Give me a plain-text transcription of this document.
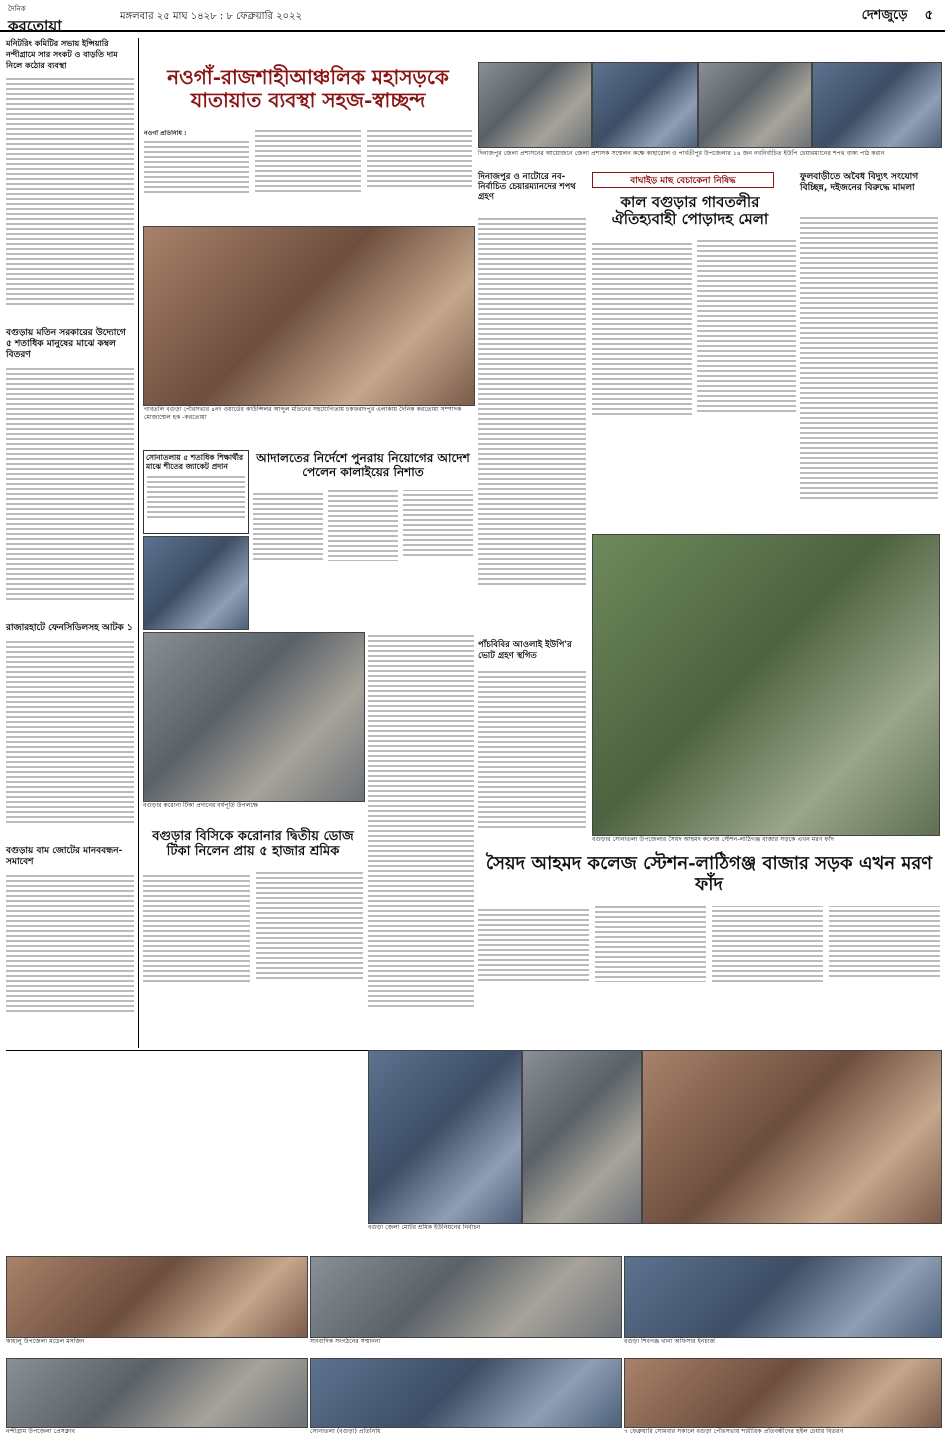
দৈনিক
করতোয়া
মঙ্গলবার ২৫ মাঘ ১৪২৮ : ৮ ফেব্রুয়ারি ২০২২	দেশজুড়ে ৫
মনিটরিং কমিটির সভায় ইন্সিয়ারি নন্দীগ্রামে সার সংকট ও বাড়তি দাম নিলে কঠোর ব্যবস্থা
বগুড়ায় মতিন সরকারের উদ্যোগে ৫ শতাধিক মানুষের মাঝে কম্বল বিতরণ
রাজারহাটে ফেনসিডিলসহ আটক ১
বগুড়ায় বাম জোটের মানববন্ধন-সমাবেশ
নওগাঁ-রাজশাহীআঞ্চলিক মহাসড়কে যাতায়াত ব্যবস্থা সহজ-স্বাচ্ছন্দ
নওগাঁ প্রতিনিধি :
গাবতলি বগুড়া পৌরসভার ৪নং ওয়ার্ডের কাউন্সিলর আব্দুল মতিনের সহযোগিতায় চকফরাদপুর এলাকায় দৈনিক করতোয়া সম্পাদক মোজাম্মেল হক -করতোয়া
সোনাতলায় ৫ শতাধিক শিক্ষার্থীর মাঝে শীতের জ্যাকেট প্রদান
আদালতের নির্দেশে পুনরায় নিয়োগের আদেশ পেলেন কালাইয়ের নিশাত
বগুড়ার করোনা টিকা প্রদানের বর্ষপূর্তি উপলক্ষে
বগুড়ার বিসিকে করোনার দ্বিতীয় ডোজ টিকা নিলেন প্রায় ৫ হাজার শ্রমিক
দিনাজপুর জেলা প্রশাসনের আয়োজনে জেলা প্রশাসক সম্মেলন কক্ষে কাহারোল ও পার্বতীপুর উপজেলার ১৪ জন নবনির্বাচিত ইউপি চেয়ারম্যানের শপথ বাক্য পাঠ করান
দিনাজপুর ও নাটোরে নব-নির্বাচিত চেয়ারম্যানদের শপথ গ্রহণ
পাঁচবিবির আওলাই ইউপি'র ভোট গ্রহণ স্থগিত
বাঘাইড় মাছ বেচাকেনা নিষিদ্ধ
কাল বগুড়ার গাবতলীর ঐতিহ্যবাহী পোড়াদহ মেলা
ফুলবাড়ীতে অবৈধ বিদ্যুৎ সংযোগ বিচ্ছিন্ন, দইজনের বিরুদ্ধে মামলা
বগুড়ার সোনাতলা উপজেলার সৈয়দ আহমদ কলেজ স্টেশন-লাঠিগঞ্জ বাজার সড়কে এখন মরণ ফাঁদ
সৈয়দ আহমদ কলেজ স্টেশন-লাঠিগঞ্জ বাজার সড়ক এখন মরণ ফাঁদ
বগুড়া জেলা মোটর শ্রমিক ইউনিয়নের নির্বাচন
কাহালু উপজেলা মডেল মসজিদ	সাংবাদিক সংগঠনের সম্মাননা	বগুড়া শিবগঞ্জ থানা অফিসার ইনচার্জ
নন্দীগ্রাম উপজেলা প্রেসক্লাব	সোনাতলা (বগুড়া) প্রতিনিধি	৭ ফেব্রুয়ারি সোমবার সকালে বগুড়া পৌরসভায় শারীরিক প্রতিবন্ধীদের হুইল চেয়ার বিতরণ
